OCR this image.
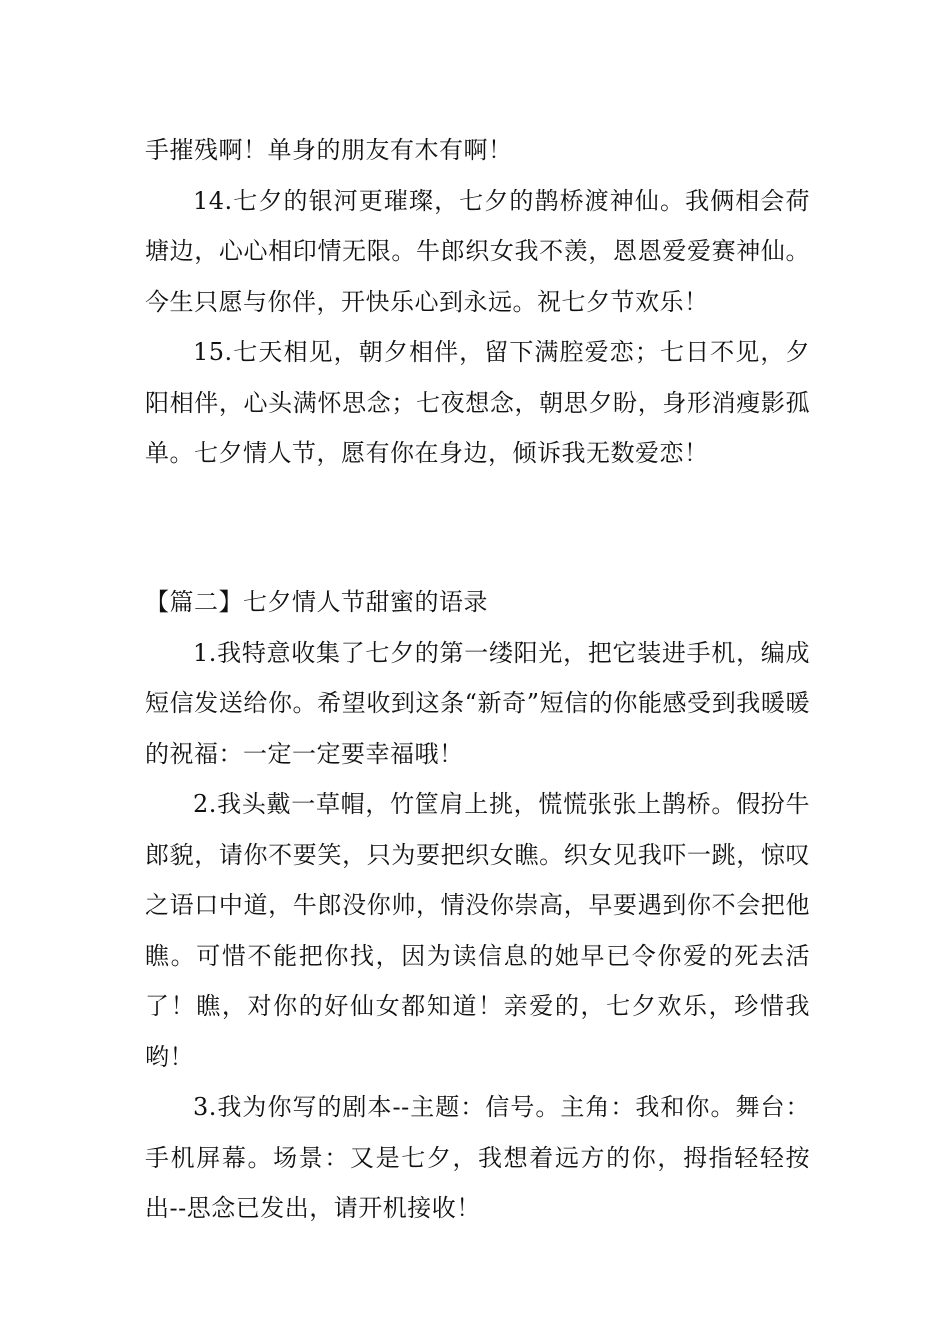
手摧残啊！单身的朋友有木有啊！

14.七夕的银河更璀璨，七夕的鹊桥渡神仙。我俩相会荷塘边，心心相印情无限。牛郎织女我不羡，恩恩爱爱赛神仙。今生只愿与你伴，开快乐心到永远。祝七夕节欢乐！

15.七天相见，朝夕相伴，留下满腔爱恋；七日不见，夕阳相伴，心头满怀思念；七夜想念，朝思夕盼，身形消瘦影孤单。七夕情人节，愿有你在身边，倾诉我无数爱恋！

【篇二】七夕情人节甜蜜的语录

1.我特意收集了七夕的第一缕阳光，把它装进手机，编成短信发送给你。希望收到这条“新奇”短信的你能感受到我暖暖的祝福：一定一定要幸福哦！

2.我头戴一草帽，竹筐肩上挑，慌慌张张上鹊桥。假扮牛郎貌，请你不要笑，只为要把织女瞧。织女见我吓一跳，惊叹之语口中道，牛郎没你帅，情没你崇高，早要遇到你不会把他瞧。可惜不能把你找，因为读信息的她早已令你爱的死去活了！瞧，对你的好仙女都知道！亲爱的，七夕欢乐，珍惜我哟！

3.我为你写的剧本--主题：信号。主角：我和你。舞台：手机屏幕。场景：又是七夕，我想着远方的你，拇指轻轻按出--思念已发出，请开机接收！
